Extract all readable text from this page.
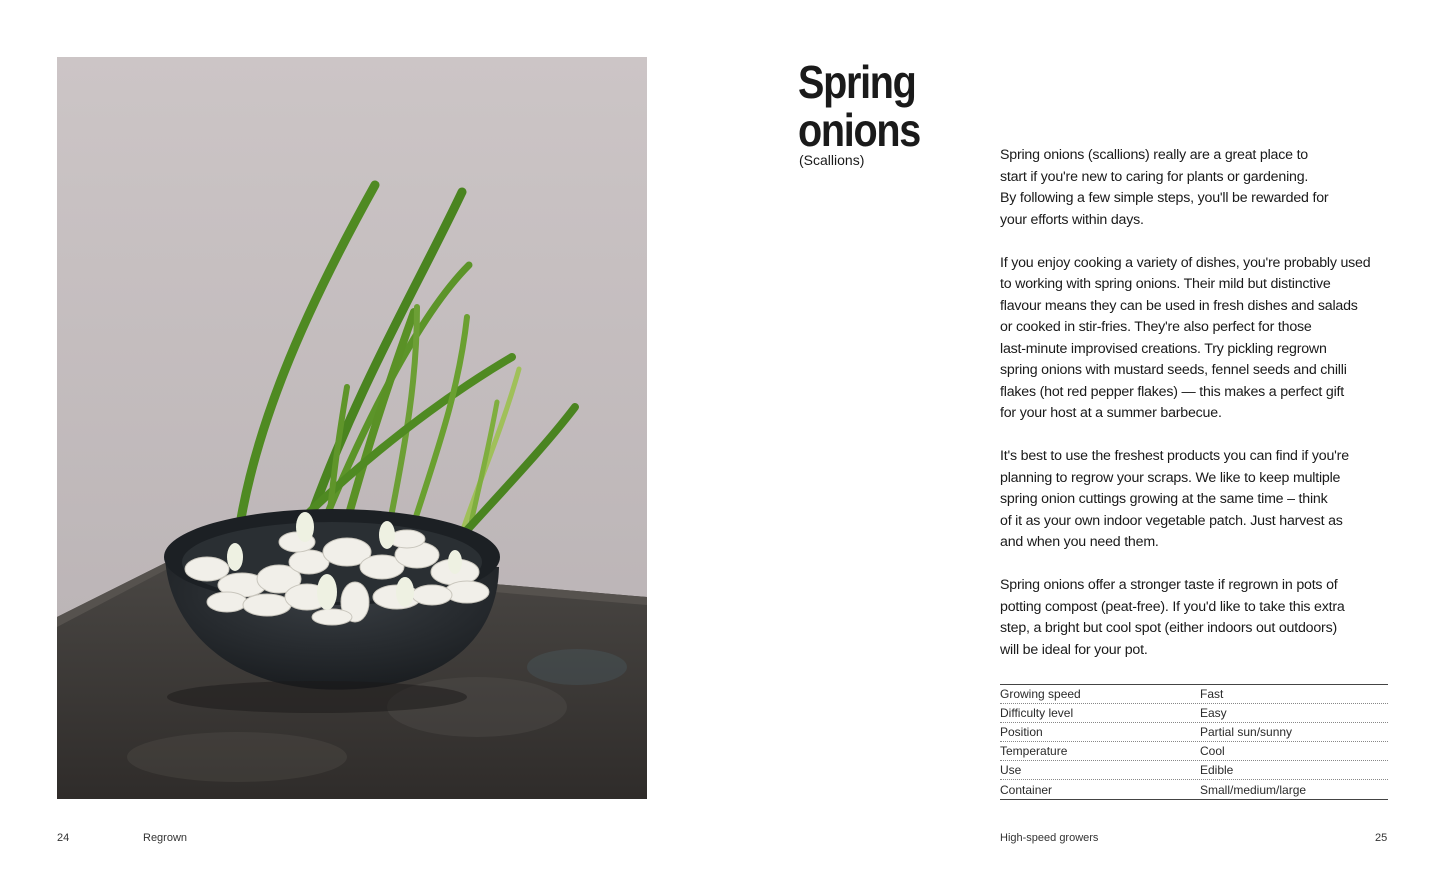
Spring
onions
(Scallions)	Spring onions (scallions) really are a great place to
start if you're new to caring for plants or gardening.
By following a few simple steps, you'll be rewarded for
your efforts within days.

If you enjoy cooking a variety of dishes, you're probably used
to working with spring onions. Their mild but distinctive
flavour means they can be used in fresh dishes and salads
or cooked in stir-fries. They're also perfect for those
last-minute improvised creations. Try pickling regrown
spring onions with mustard seeds, fennel seeds and chilli
flakes (hot red pepper flakes) — this makes a perfect gift
for your host at a summer barbecue.

It's best to use the freshest products you can find if you're
planning to regrow your scraps. We like to keep multiple
spring onion cuttings growing at the same time – think
of it as your own indoor vegetable patch. Just harvest as
and when you need them.

Spring onions offer a stronger taste if regrown in pots of
potting compost (peat-free). If you'd like to take this extra
step, a bright but cool spot (either indoors out outdoors)
will be ideal for your pot.

Growing speed	Fast
Difficulty level	Easy
Position	Partial sun/sunny
Temperature	Cool
Use	Edible
Container	Small/medium/large
24	Regrown	High-speed growers	25
